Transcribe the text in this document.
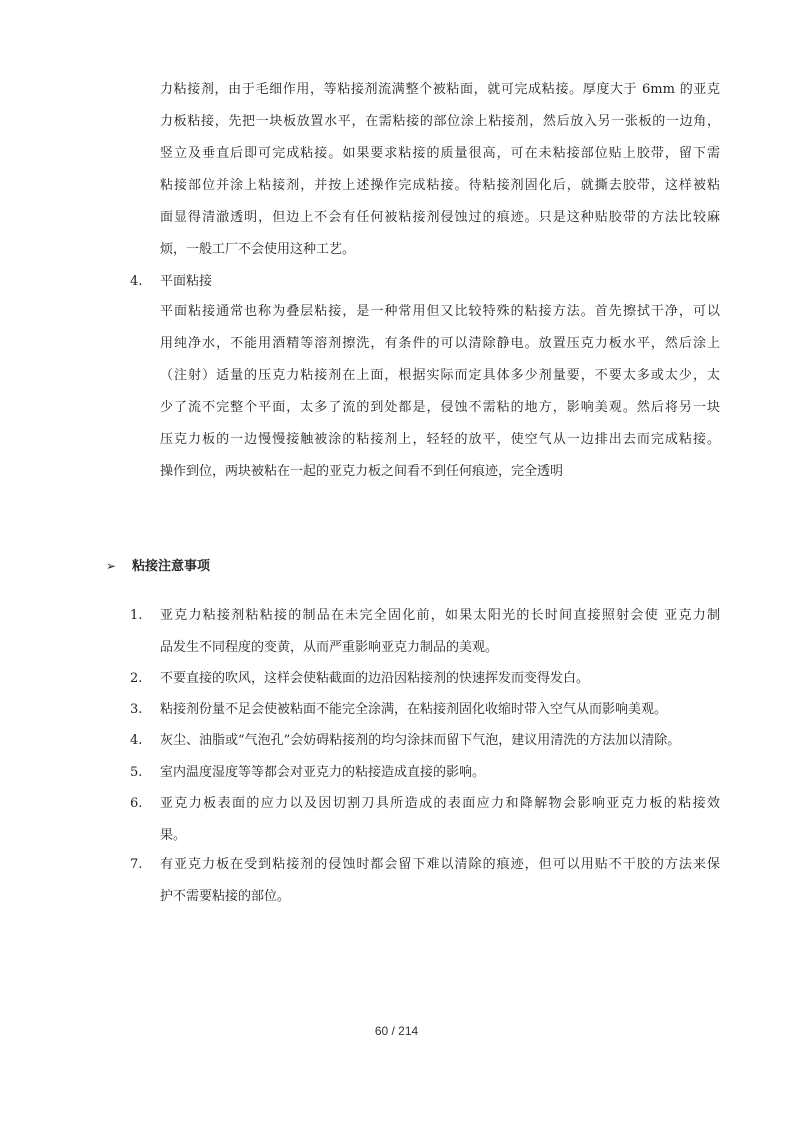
力粘接剂，由于毛细作用，等粘接剂流满整个被粘面，就可完成粘接。厚度大于 6mm 的亚克
力板粘接，先把一块板放置水平，在需粘接的部位涂上粘接剂，然后放入另一张板的一边角，
竖立及垂直后即可完成粘接。如果要求粘接的质量很高，可在未粘接部位贴上胶带，留下需
粘接部位并涂上粘接剂，并按上述操作完成粘接。待粘接剂固化后，就撕去胶带，这样被粘
面显得清澈透明，但边上不会有任何被粘接剂侵蚀过的痕迹。只是这种贴胶带的方法比较麻
烦，一般工厂不会使用这种工艺。
4.	平面粘接
平面粘接通常也称为叠层粘接，是一种常用但又比较特殊的粘接方法。首先擦拭干净，可以
用纯净水，不能用酒精等溶剂擦洗，有条件的可以清除静电。放置压克力板水平，然后涂上
（注射）适量的压克力粘接剂在上面，根据实际而定具体多少剂量要，不要太多或太少，太
少了流不完整个平面，太多了流的到处都是，侵蚀不需粘的地方，影响美观。然后将另一块
压克力板的一边慢慢接触被涂的粘接剂上，轻轻的放平，使空气从一边排出去而完成粘接。
操作到位，两块被粘在一起的亚克力板之间看不到任何痕迹，完全透明
➢ 粘接注意事项
1.	亚克力粘接剂粘粘接的制品在未完全固化前，如果太阳光的长时间直接照射会使 亚克力制
品发生不同程度的变黄，从而严重影响亚克力制品的美观。
2.	不要直接的吹风，这样会使粘截面的边沿因粘接剂的快速挥发而变得发白。
3.	粘接剂份量不足会使被粘面不能完全涂满，在粘接剂固化收缩时带入空气从而影响美观。
4.	灰尘、油脂或“气泡孔”会妨碍粘接剂的均匀涂抹而留下气泡，建议用清洗的方法加以清除。
5.	室内温度湿度等等都会对亚克力的粘接造成直接的影响。
6.	亚克力板表面的应力以及因切割刀具所造成的表面应力和降解物会影响亚克力板的粘接效
果。
7.	有亚克力板在受到粘接剂的侵蚀时都会留下难以清除的痕迹，但可以用贴不干胶的方法来保
护不需要粘接的部位。
60 / 214
